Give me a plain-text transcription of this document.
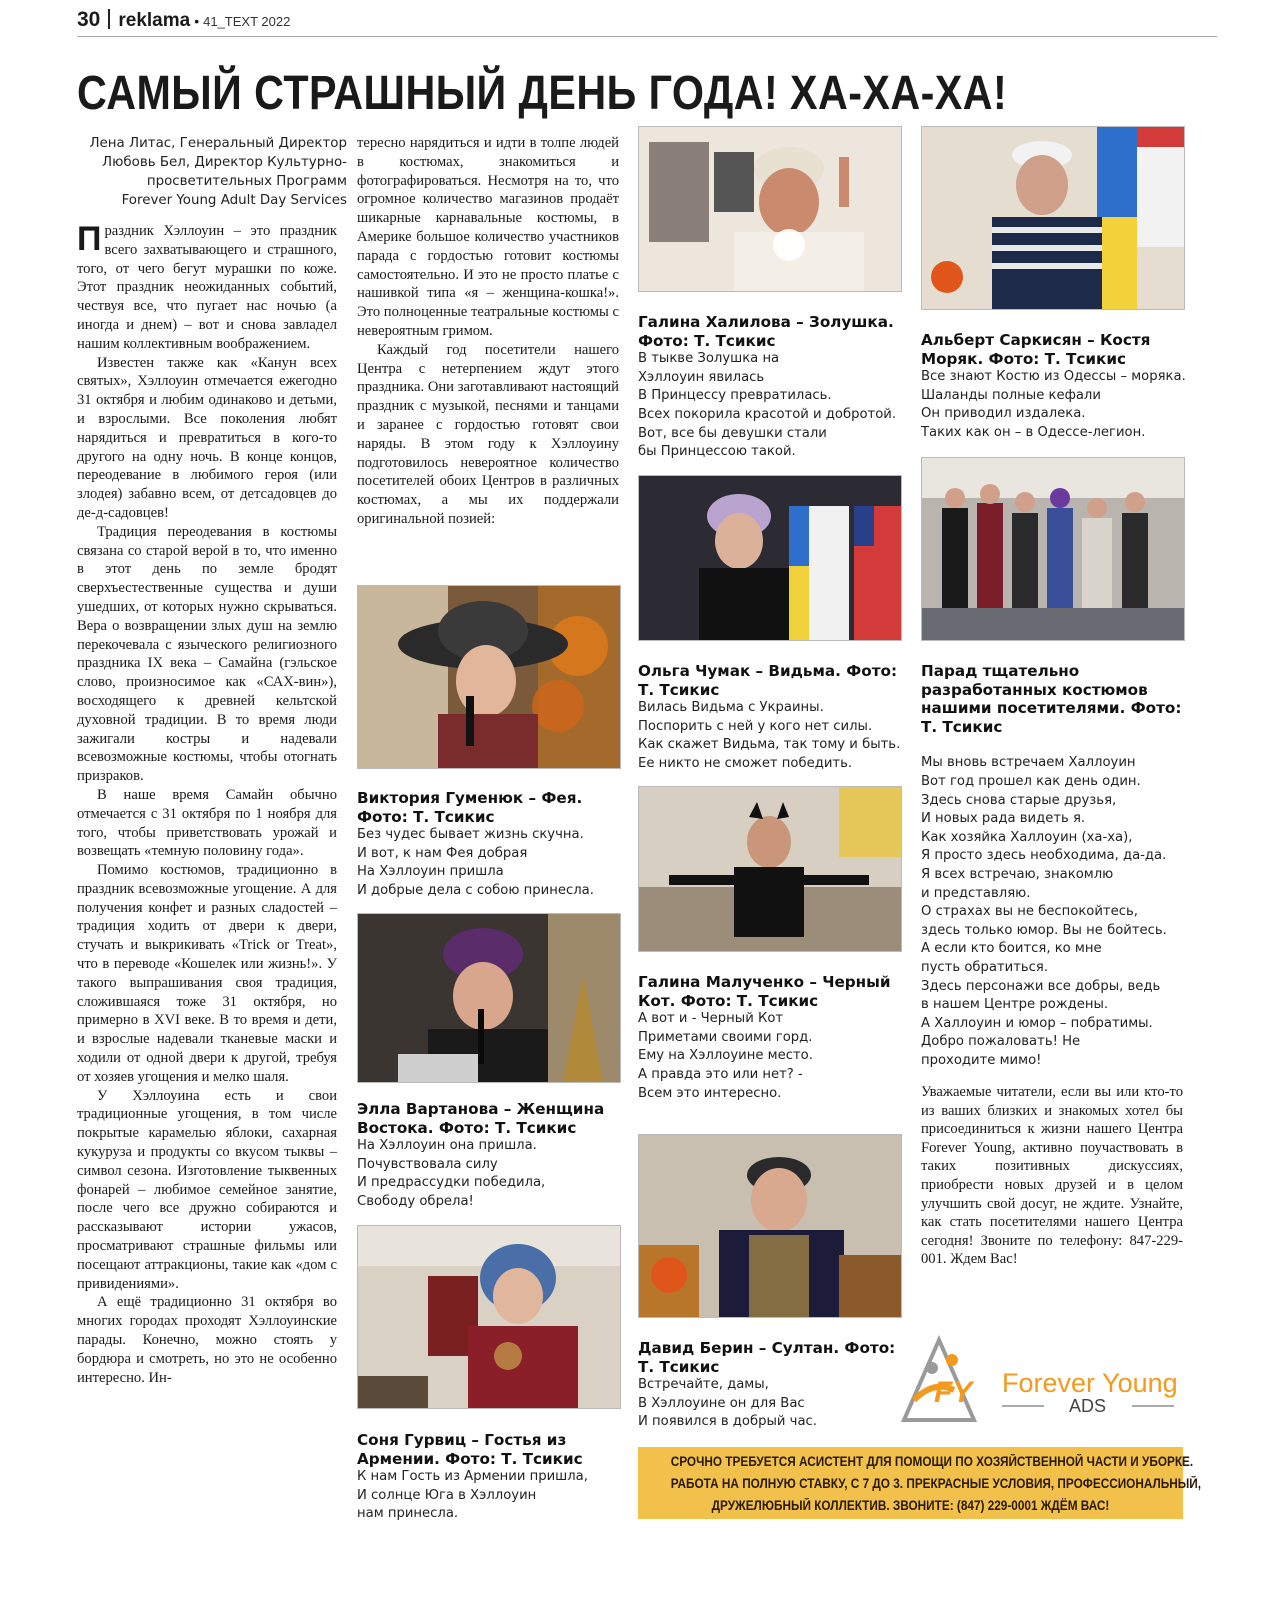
30 reklama • 41_TEXT 2022
САМЫЙ СТРАШНЫЙ ДЕНЬ ГОДА! ХА-ХА-ХА!
Лена Литас, Генеральный Директор
Любовь Бел, Директор Культурно-
просветительных Программ
Forever Young Adult Day Services

Праздник Хэллоуин – это праздник всего захватывающего и страшного, того, от чего бегут мурашки по коже. Этот праздник неожиданных событий, чествуя все, что пугает нас ночью (а иногда и днем) – вот и снова завладел нашим коллективным воображением.

Известен также как «Канун всех святых», Хэллоуин отмечается ежегодно 31 октября и любим одинаково и детьми, и взрослыми. Все поколения любят нарядиться и превратиться в кого-то другого на одну ночь. В конце концов, переодевание в любимого героя (или злодея) забавно всем, от детсадовцев до де-д-садовцев!

Традиция переодевания в костюмы связана со старой верой в то, что именно в этот день по земле бродят сверхъестественные существа и души ушедших, от которых нужно скрываться. Вера о возвращении злых душ на землю перекочевала с языческого религиозного праздника IX века – Самайна (гэльское слово, произносимое как «САХ-вин»), восходящего к древней кельтской духовной традиции. В то время люди зажигали костры и надевали всевозможные костюмы, чтобы отогнать призраков.

В наше время Самайн обычно отмечается с 31 октября по 1 ноября для того, чтобы приветствовать урожай и возвещать «темную половину года».

Помимо костюмов, традиционно в праздник всевозможные угощение. А для получения конфет и разных сладостей – традиция ходить от двери к двери, стучать и выкрикивать «Trick or Treat», что в переводе «Кошелек или жизнь!». У такого выпрашивания своя традиция, сложившаяся тоже 31 октября, но примерно в XVI веке. В то время и дети, и взрослые надевали тканевые маски и ходили от одной двери к другой, требуя от хозяев угощения и мелко шаля.

У Хэллоуина есть и свои традиционные угощения, в том числе покрытые карамелью яблоки, сахарная кукуруза и продукты со вкусом тыквы – символ сезона. Изготовление тыквенных фонарей – любимое семейное занятие, после чего все дружно собираются и рассказывают истории ужасов, просматривают страшные фильмы или посещают аттракционы, такие как «дом с привидениями».

А ещё традиционно 31 октября во многих городах проходят Хэллоуинские парады. Конечно, можно стоять у бордюра и смотреть, но это не особенно интересно. Ин-

тересно нарядиться и идти в толпе людей в костюмах, знакомиться и фотографироваться. Несмотря на то, что огромное количество магазинов продаёт шикарные карнавальные костюмы, в Америке большое количество участников парада с гордостью готовит костюмы самостоятельно. И это не просто платье с нашивкой типа «я – женщина-кошка!». Это полноценные театральные костюмы с невероятным гримом.

Каждый год посетители нашего Центра с нетерпением ждут этого праздника. Они заготавливают настоящий праздник с музыкой, песнями и танцами и заранее с гордостью готовят свои наряды. В этом году к Хэллоуину подготовилось невероятное количество посетителей обоих Центров в различных костюмах, а мы их поддержали оригинальной позией:

Виктория Гуменюк – Фея. Фото: Т. Тсикис
Без чудес бывает жизнь скучна.
И вот, к нам Фея добрая
На Хэллоуин пришла
И добрые дела с собою принесла.
Элла Вартанова – Женщина Востока. Фото: Т. Тсикис
На Хэллоуин она пришла.
Почувствовала силу
И предрассудки победила,
Свободу обрела!
Соня Гурвиц – Гостья из Армении. Фото: Т. Тсикис
К нам Гость из Армении пришла,
И солнце Юга в Хэллоуин
нам принесла.
Галина Халилова – Золушка. Фото: Т. Тсикис
В тыкве Золушка на
Хэллоуин явилась
В Принцессу превратилась.
Всех покорила красотой и добротой.
Вот, все бы девушки стали
бы Принцессою такой.
Ольга Чумак – Видьма. Фото: Т. Тсикис
Вилась Видьма с Украины.
Поспорить с ней у кого нет силы.
Как скажет Видьма, так тому и быть.
Ее никто не сможет победить.
Галина Малученко – Черный Кот. Фото: Т. Тсикис
А вот и - Черный Кот
Приметами своими горд.
Ему на Хэллоуине место.
А правда это или нет? -
Всем это интересно.
Давид Берин – Султан. Фото: Т. Тсикис
Встречайте, дамы,
В Хэллоуине он для Вас
И появился в добрый час.
Альберт Саркисян – Костя Моряк. Фото: Т. Тсикис
Все знают Костю из Одессы – моряка.
Шаланды полные кефали
Он приводил издалека.
Таких как он – в Одессе-легион.
Парад тщательно разработанных костюмов нашими посетителями. Фото: Т. Тсикис
Мы вновь встречаем Халлоуин
Вот год прошел как день один.
Здесь снова старые друзья,
И новых рада видеть я.
Как хозяйка Халлоуин (ха-ха),
Я просто здесь необходима, да-да.
Я всех встречаю, знакомлю
и представляю.
О страхах вы не беспокойтесь,
здесь только юмор. Вы не бойтесь.
А если кто боится, ко мне
пусть обратиться.
Здесь персонажи все добры, ведь
в нашем Центре рождены.
А Халлоуин и юмор – побратимы.
Добро пожаловать! Не
проходите мимо!
Уважаемые читатели, если вы или кто-то из ваших близких и знакомых хотел бы присоединиться к жизни нашего Центра Forever Young, активно поучаствовать в таких позитивных дискуссиях, приобрести новых друзей и в целом улучшить свой досуг, не ждите. Узнайте, как стать посетителями нашего Центра сегодня! Звоните по телефону: 847-229-001. Ждем Вас!
FY Forever Young
ADS
СРОЧНО ТРЕБУЕТСЯ АСИСТЕНТ ДЛЯ ПОМОЩИ ПО ХОЗЯЙСТВЕННОЙ ЧАСТИ И УБОРКЕ.
РАБОТА НА ПОЛНУЮ СТАВКУ, С 7 ДО 3. ПРЕКРАСНЫЕ УСЛОВИЯ, ПРОФЕССИОНАЛЬНЫЙ,
ДРУЖЕЛЮБНЫЙ КОЛЛЕКТИВ. ЗВОНИТЕ: (847) 229-0001 ЖДЁМ ВАС!
